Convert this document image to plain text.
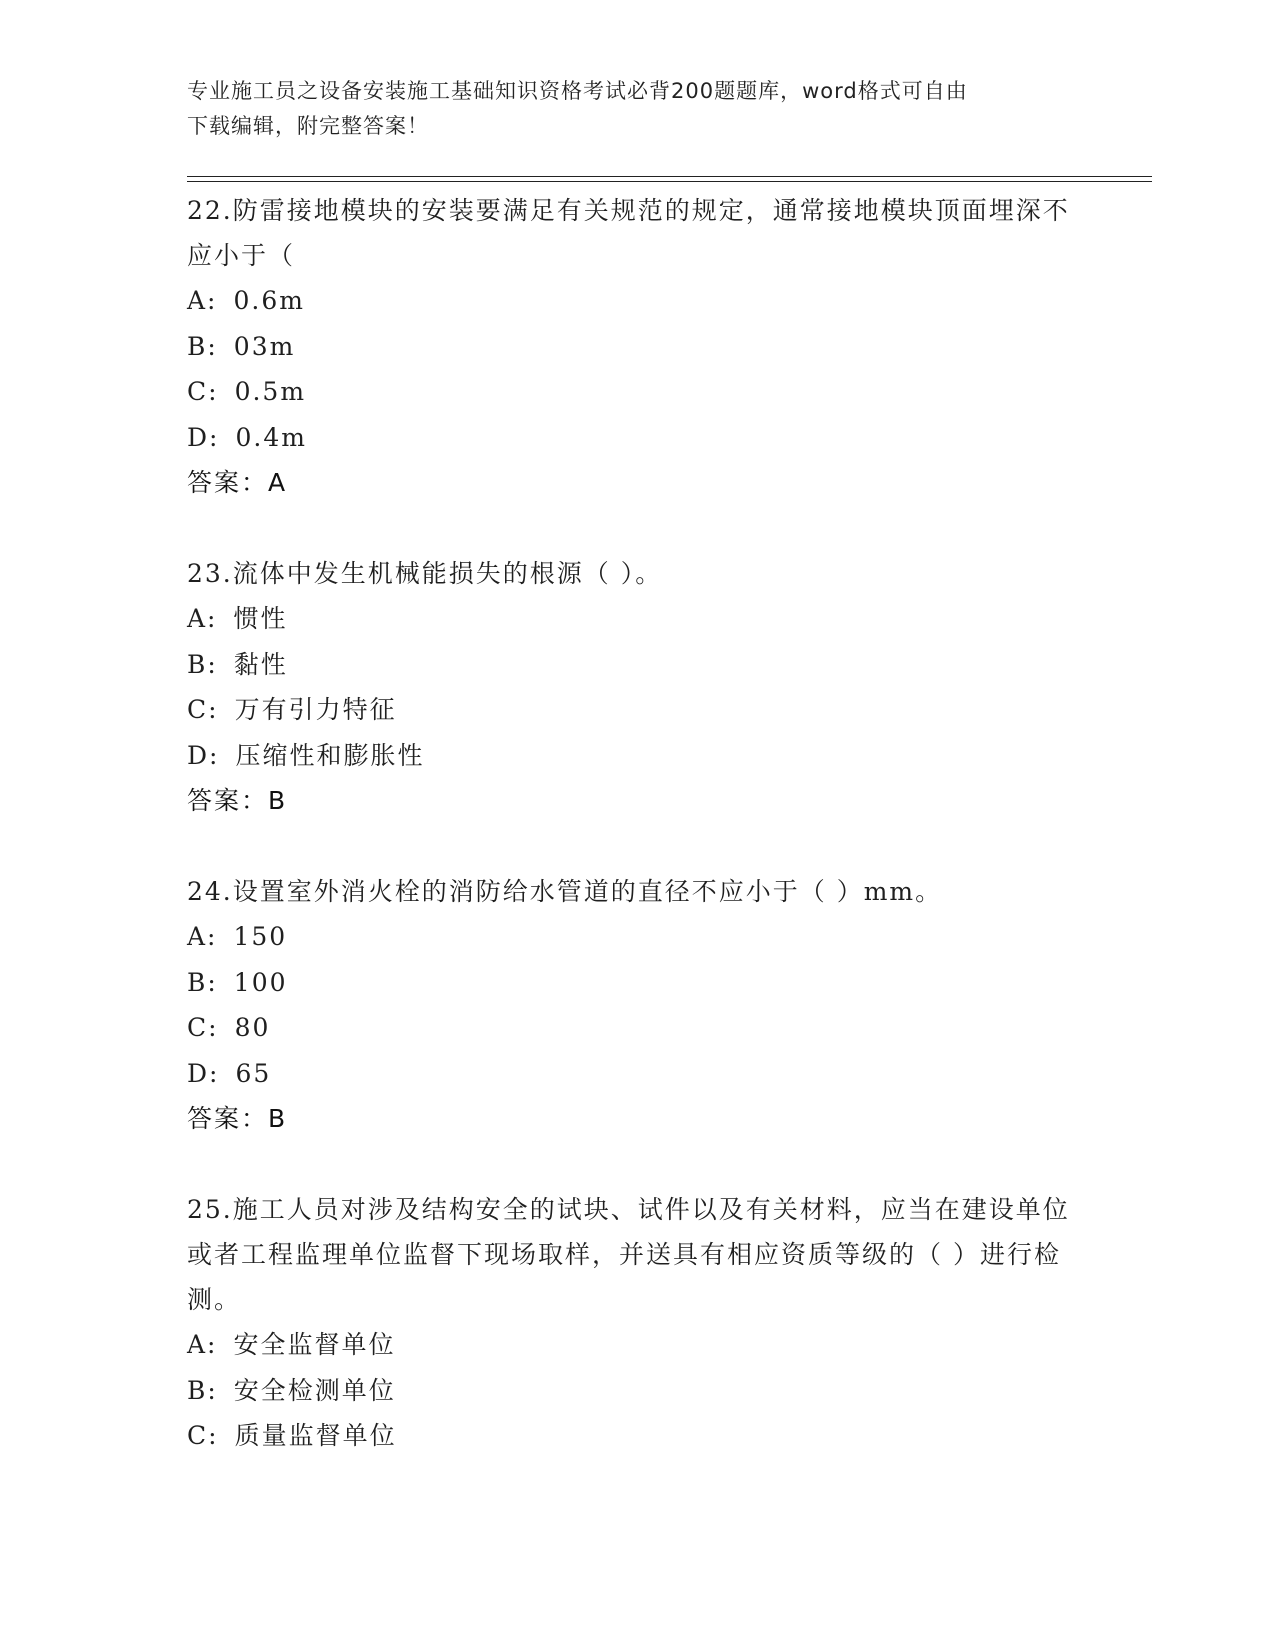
专业施工员之设备安装施工基础知识资格考试必背200题题库，word格式可自由
下载编辑，附完整答案！
22.防雷接地模块的安装要满足有关规范的规定，通常接地模块顶面埋深不应小于（
A: 0.6m
B: 03m
C: 0.5m
D: 0.4m
答案：A
23.流体中发生机械能损失的根源（ ）。
A: 惯性
B: 黏性
C: 万有引力特征
D: 压缩性和膨胀性
答案：B
24.设置室外消火栓的消防给水管道的直径不应小于（ ）mm。
A: 150
B: 100
C: 80
D: 65
答案：B
25.施工人员对涉及结构安全的试块、试件以及有关材料，应当在建设单位或者工程监理单位监督下现场取样，并送具有相应资质等级的（ ）进行检测。
A: 安全监督单位
B: 安全检测单位
C: 质量监督单位
